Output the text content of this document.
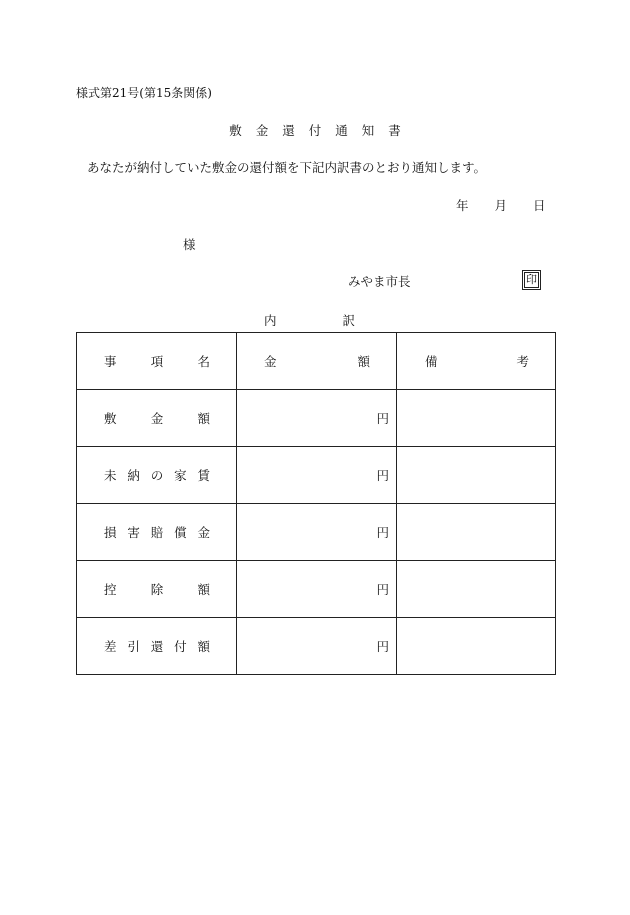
様式第21号(第15条関係)
敷 金 還 付 通 知 書
あなたが納付していた敷金の還付額を下記内訳書のとおり通知します。
年 月 日
様
みやま市長	印
内	訳
事 項 名	金 額	備 考

敷 金 額	円	

未 納 の 家 賃	円	

損 害 賠 償 金	円	

控 除 額	円	

差 引 還 付 額	円	
